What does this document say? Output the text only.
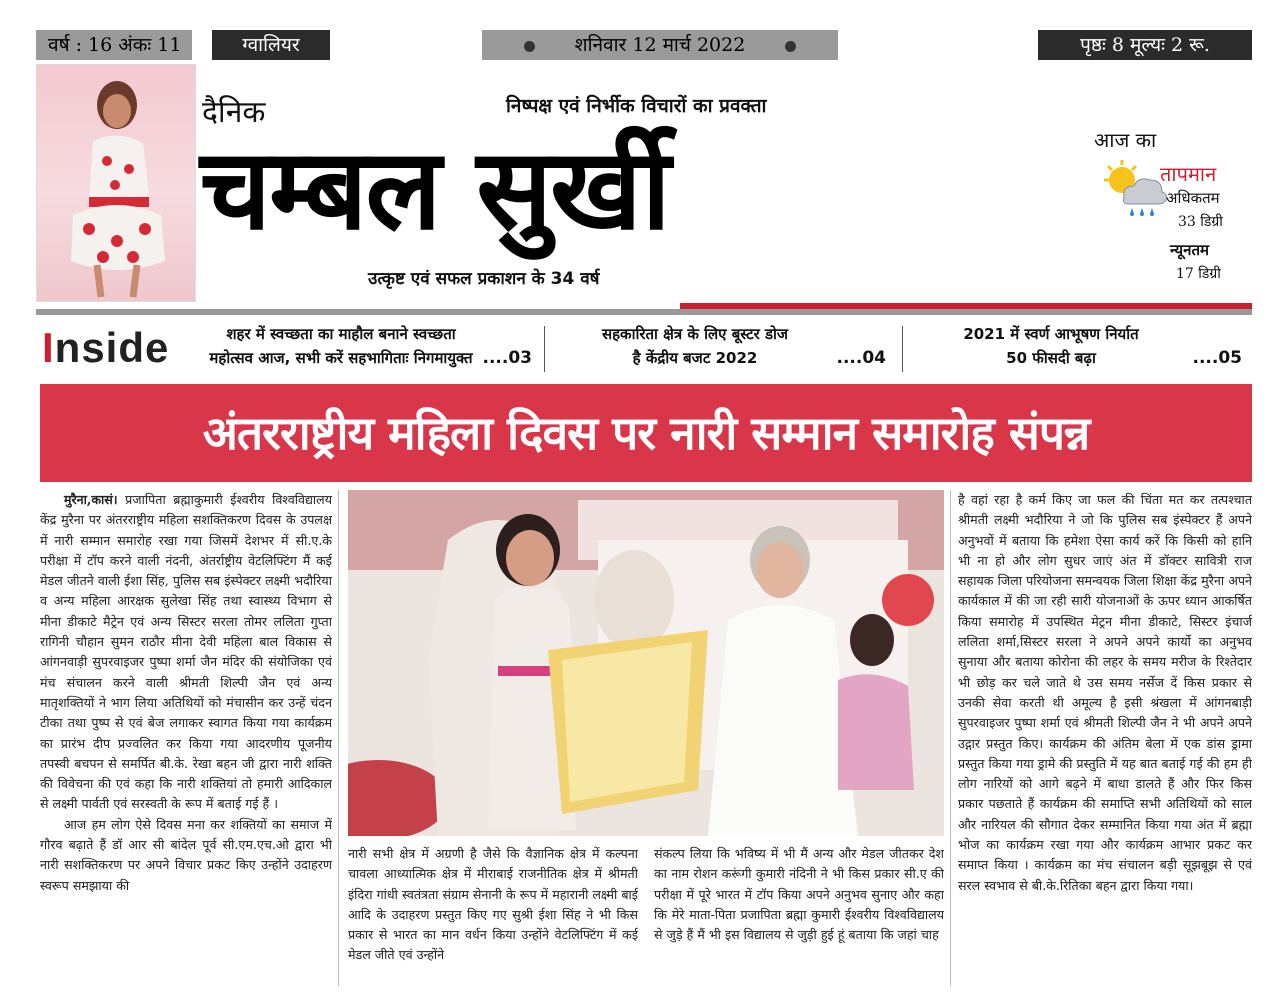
वर्ष : 16 अंकः 11	ग्वालियर	शनिवार 12 मार्च 2022	पृष्ठः 8 मूल्यः 2 रू.
दैनिक	निष्पक्ष एवं निर्भीक विचारों का प्रवक्ता
चम्बल सुर्खी
उत्कृष्ट एवं सफल प्रकाशन के 34 वर्ष
आज का
तापमान
अधिकतम
33 डिग्री
न्यूनतम
17 डिग्री
Inside	शहर में स्वच्छता का माहौल बनाने स्वच्छता
महोत्सव आज, सभी करें सहभागिताः निगमायुक्त ....03
सहकारिता क्षेत्र के लिए बूस्टर डोज
है केंद्रीय बजट 2022	....04
2021 में स्वर्ण आभूषण निर्यात
50 फीसदी बढ़ा	....05
अंतरराष्ट्रीय महिला दिवस पर नारी सम्मान समारोह संपन्न

मुरैना,कासं। प्रजापिता ब्रह्माकुमारी ईश्वरीय विश्वविद्यालय केंद्र मुरैना पर अंतरराष्ट्रीय महिला सशक्तिकरण दिवस के उपलक्ष में नारी सम्मान समारोह रखा गया जिसमें देशभर में सी.ए.के परीक्षा में टॉप करने वाली नंदनी, अंतर्राष्ट्रीय वेटलिफ्टिंग मैं कई मेडल जीतने वाली ईशा सिंह, पुलिस सब इंस्पेक्टर लक्ष्मी भदौरिया व अन्य महिला आरक्षक सुलेखा सिंह तथा स्वास्थ्य विभाग से मीना डीकाटे मैट्रेन एवं अन्य सिस्टर सरला तोमर ललिता गुप्ता रागिनी चौहान सुमन राठौर मीना देवी महिला बाल विकास से आंगनवाड़ी सुपरवाइजर पुष्पा शर्मा जैन मंदिर की संयोजिका एवं मंच संचालन करने वाली श्रीमती शिल्पी जैन एवं अन्य मातृशक्तियों ने भाग लिया अतिथियों को मंचासीन कर उन्हें चंदन टीका तथा पुष्प से एवं बेज लगाकर स्वागत किया गया कार्यक्रम का प्रारंभ दीप प्रज्वलित कर किया गया आदरणीय पूजनीय तपस्वी बचपन से समर्पित बी.के. रेखा बहन जी द्वारा नारी शक्ति की विवेचना की एवं कहा कि नारी शक्तियां तो हमारी आदिकाल से लक्ष्मी पार्वती एवं सरस्वती के रूप में बताई गई हैं ।

आज हम लोग ऐसे दिवस मना कर शक्तियों का समाज में गौरव बढ़ाते हैं डॉ आर सी बांदेल पूर्व सी.एम.एच.ओ द्वारा भी नारी सशक्तिकरण पर अपने विचार प्रकट किए उन्होंने उदाहरण स्वरूप समझाया की

नारी सभी क्षेत्र में अग्रणी है जैसे कि वैज्ञानिक क्षेत्र में कल्पना चावला आध्यात्मिक क्षेत्र में मीराबाई राजनीतिक क्षेत्र में श्रीमती इंदिरा गांधी स्वतंत्रता संग्राम सेनानी के रूप में महारानी लक्ष्मी बाई आदि के उदाहरण प्रस्तुत किए गए सुश्री ईशा सिंह ने भी किस प्रकार से भारत का मान वर्धन किया उन्होंने वेटलिफ्टिंग में कई मेडल जीते एवं उन्होंने
संकल्प लिया कि भविष्य में भी मैं अन्य और मेडल जीतकर देश का नाम रोशन करूंगी कुमारी नंदिनी ने भी किस प्रकार सी.ए की परीक्षा में पूरे भारत में टॉप किया अपने अनुभव सुनाए और कहा कि मेरे माता-पिता प्रजापिता ब्रह्मा कुमारी ईश्वरीय विश्वविद्यालय से जुड़े हैं मैं भी इस विद्यालय से जुड़ी हुई हूं बताया कि जहां चाह
है वहां रहा है कर्म किए जा फल की चिंता मत कर तत्पश्चात श्रीमती लक्ष्मी भदौरिया ने जो कि पुलिस सब इंस्पेक्टर हैं अपने अनुभवों में बताया कि हमेशा ऐसा कार्य करें कि किसी को हानि भी ना हो और लोग सुधर जाएं अंत में डॉक्टर सावित्री राज सहायक जिला परियोजना समन्वयक जिला शिक्षा केंद्र मुरैना अपने कार्यकाल में की जा रही सारी योजनाओं के ऊपर ध्यान आकर्षित किया समारोह में उपस्थित मेट्रन मीना डीकाटे, सिस्टर इंचार्ज ललिता शर्मा,सिस्टर सरला ने अपने अपने कार्यो का अनुभव सुनाया और बताया कोरोना की लहर के समय मरीज के रिश्तेदार भी छोड़ कर चले जाते थे उस समय नर्सेज दें किस प्रकार से उनकी सेवा करती थी अमूल्य है इसी श्रंखला में आंगनबाड़ी सुपरवाइजर पुष्पा शर्मा एवं श्रीमती शिल्पी जैन ने भी अपने अपने उद्गार प्रस्तुत किए। कार्यक्रम की अंतिम बेला में एक डांस ड्रामा प्रस्तुत किया गया ड्रामे की प्रस्तुति में यह बात बताई गई की हम ही लोग नारियों को आगे बढ़ने में बाधा डालते हैं और फिर किस प्रकार पछताते हैं कार्यक्रम की समाप्ति सभी अतिथियों को साल और नारियल की सौगात देकर सम्मानित किया गया अंत में ब्रह्मा भोज का कार्यक्रम रखा गया और कार्यक्रम आभार प्रकट कर समाप्त किया । कार्यक्रम का मंच संचालन बड़ी सूझबूझ से एवं सरल स्वभाव से बी.के.रितिका बहन द्वारा किया गया।
